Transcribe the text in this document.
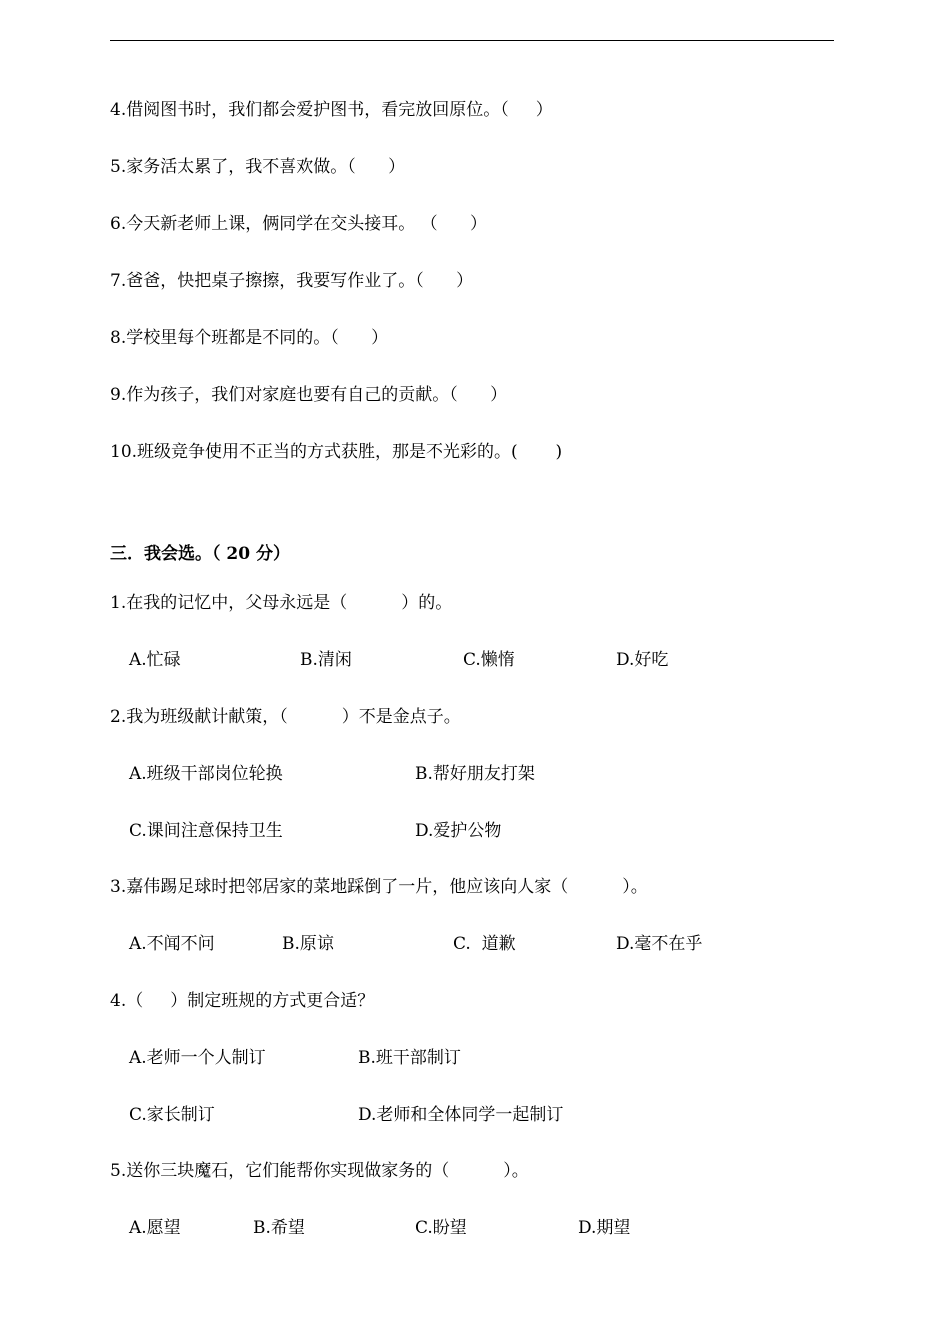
4.借阅图书时，我们都会爱护图书，看完放回原位。（     ）
5.家务活太累了，我不喜欢做。（      ）
6.今天新老师上课，俩同学在交头接耳。 （      ）
7.爸爸，快把桌子擦擦，我要写作业了。（      ）
8.学校里每个班都是不同的。（      ）
9.作为孩子，我们对家庭也要有自己的贡献。（      ）
10.班级竞争使用不正当的方式获胜，那是不光彩的。(       )
三．我会选。（ 20 分）
1.在我的记忆中，父母永远是（          ）的。
A.忙碌	B.清闲	C.懒惰	D.好吃
2.我为班级献计献策，（          ）不是金点子。
A.班级干部岗位轮换	B.帮好朋友打架
C.课间注意保持卫生	D.爱护公物
3.嘉伟踢足球时把邻居家的菜地踩倒了一片，他应该向人家（          ）。
A.不闻不问	B.原谅	C.  道歉	D.毫不在乎
4.（     ）制定班规的方式更合适？
A.老师一个人制订	B.班干部制订
C.家长制订	D.老师和全体同学一起制订
5.送你三块魔石，它们能帮你实现做家务的（          ）。
A.愿望	B.希望	C.盼望	D.期望
